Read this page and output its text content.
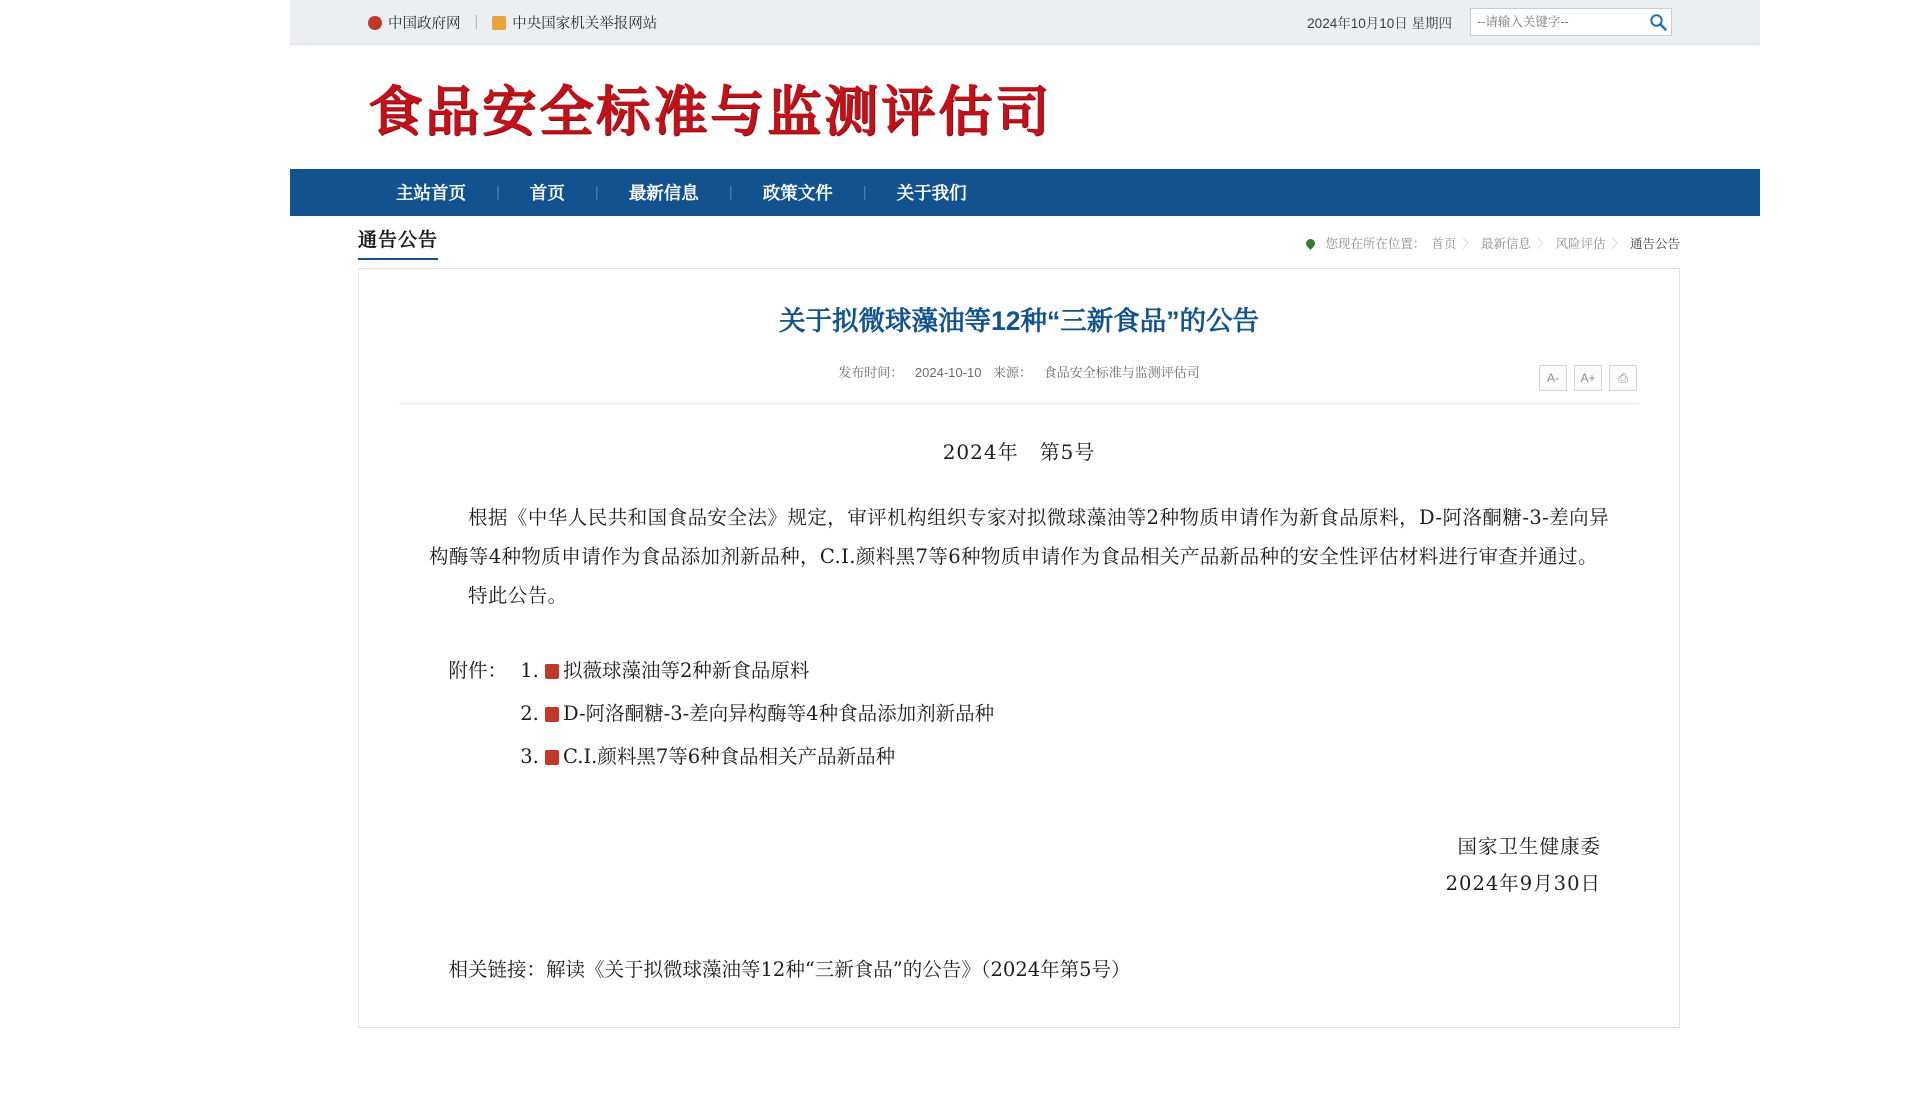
中国政府网 |	中央国家机关举报网站	2024年10月10日 星期四
--请输入关键字--
食品安全标准与监测评估司
主站首页	|	首页	|	最新信息	|	政策文件	|	关于我们
通告公告	您现在所在位置： 首页 〉 最新信息 〉 风险评估 〉 通告公告
关于拟微球藻油等12种“三新食品”的公告
发布时间： 2024-10-10 来源： 食品安全标准与监测评估司	A-	A+	⎙
2024年　第5号
根据《中华人民共和国食品安全法》规定，审评机构组织专家对拟微球藻油等2种物质申请作为新食品原料，D-阿洛酮糖-3-差向异构酶等4种物质申请作为食品添加剂新品种，C.I.颜料黑7等6种物质申请作为食品相关产品新品种的安全性评估材料进行审查并通过。
特此公告。
附件：	1. 拟薇球藻油等2种新食品原料
2. D-阿洛酮糖-3-差向异构酶等4种食品添加剂新品种
3. C.I.颜料黑7等6种食品相关产品新品种
国家卫生健康委
2024年9月30日
相关链接：解读《关于拟微球藻油等12种“三新食品”的公告》（2024年第5号）
